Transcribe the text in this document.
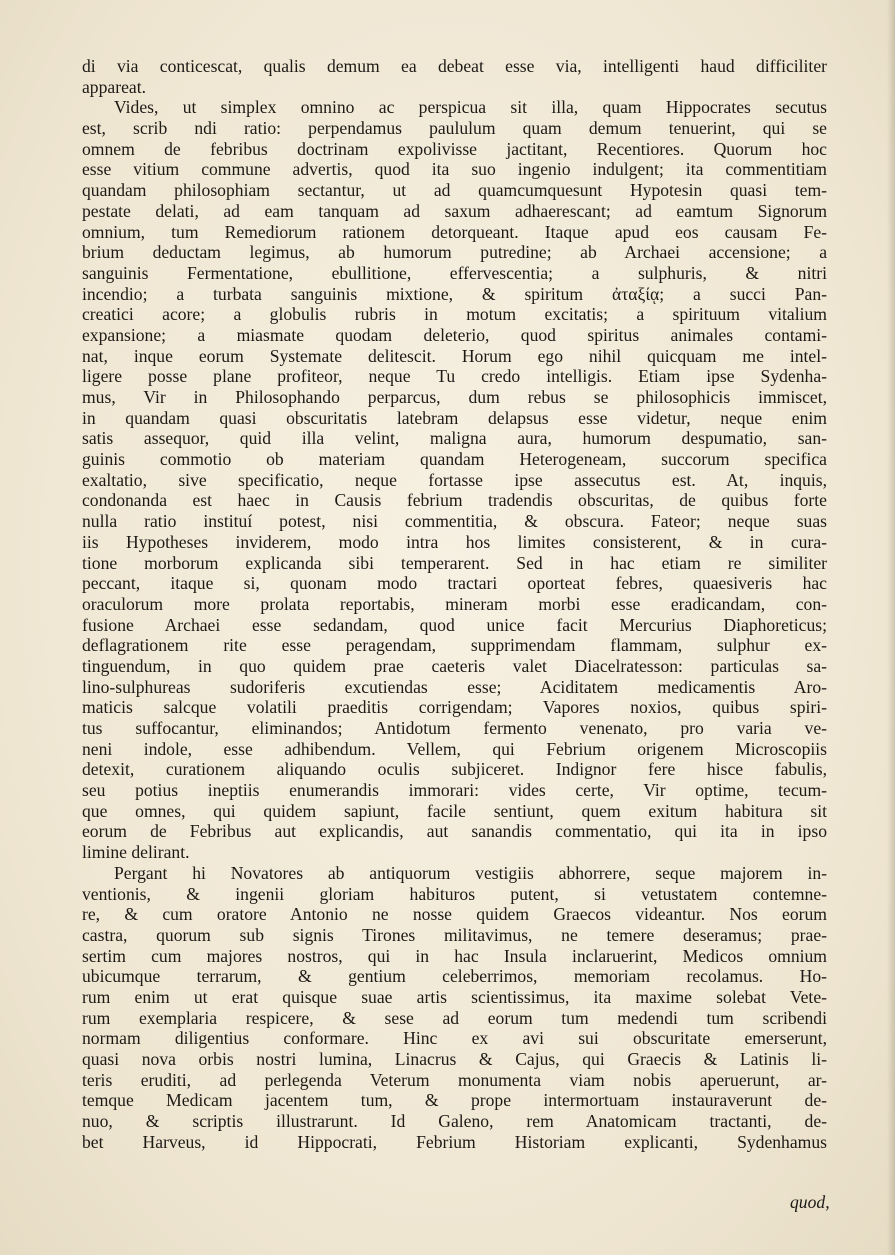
di via conticescat, qualis demum ea debeat esse via, intelligenti haud difficiliter
appareat.
Vides, ut simplex omnino ac perspicua sit illa, quam Hippocrates secutus
est, scrib ndi ratio: perpendamus paululum quam demum tenuerint, qui se
omnem de febribus doctrinam expolivisse jactitant, Recentiores. Quorum hoc
esse vitium commune advertis, quod ita suo ingenio indulgent; ita commentitiam
quandam philosophiam sectantur, ut ad quamcumquesunt Hypotesin quasi tem-
pestate delati, ad eam tanquam ad saxum adhaerescant; ad eamtum Signorum
omnium, tum Remediorum rationem detorqueant. Itaque apud eos causam Fe-
brium deductam legimus, ab humorum putredine; ab Archaei accensione; a
sanguinis Fermentatione, ebullitione, effervescentia; a sulphuris, & nitri
incendio; a turbata sanguinis mixtione, & spiritum ἀταξίᾳ; a succi Pan-
creatici acore; a globulis rubris in motum excitatis; a spirituum vitalium
expansione; a miasmate quodam deleterio, quod spiritus animales contami-
nat, inque eorum Systemate delitescit. Horum ego nihil quicquam me intel-
ligere posse plane profiteor, neque Tu credo intelligis. Etiam ipse Sydenha-
mus, Vir in Philosophando perparcus, dum rebus se philosophicis immiscet,
in quandam quasi obscuritatis latebram delapsus esse videtur, neque enim
satis assequor, quid illa velint, maligna aura, humorum despumatio, san-
guinis commotio ob materiam quandam Heterogeneam, succorum specifica
exaltatio, sive specificatio, neque fortasse ipse assecutus est. At, inquis,
condonanda est haec in Causis febrium tradendis obscuritas, de quibus forte
nulla ratio instituí potest, nisi commentitia, & obscura. Fateor; neque suas
iis Hypotheses inviderem, modo intra hos limites consisterent, & in cura-
tione morborum explicanda sibi temperarent. Sed in hac etiam re similiter
peccant, itaque si, quonam modo tractari oporteat febres, quaesiveris hac
oraculorum more prolata reportabis, mineram morbi esse eradicandam, con-
fusione Archaei esse sedandam, quod unice facit Mercurius Diaphoreticus;
deflagrationem rite esse peragendam, supprimendam flammam, sulphur ex-
tinguendum, in quo quidem prae caeteris valet Diacelratesson: particulas sa-
lino-sulphureas sudoriferis excutiendas esse; Aciditatem medicamentis Aro-
maticis salcque volatili praeditis corrigendam; Vapores noxios, quibus spiri-
tus suffocantur, eliminandos; Antidotum fermento venenato, pro varia ve-
neni indole, esse adhibendum. Vellem, qui Febrium origenem Microscopiis
detexit, curationem aliquando oculis subjiceret. Indignor fere hisce fabulis,
seu potius ineptiis enumerandis immorari: vides certe, Vir optime, tecum-
que omnes, qui quidem sapiunt, facile sentiunt, quem exitum habitura sit
eorum de Febribus aut explicandis, aut sanandis commentatio, qui ita in ipso
limine delirant.
Pergant hi Novatores ab antiquorum vestigiis abhorrere, seque majorem in-
ventionis, & ingenii gloriam habituros putent, si vetustatem contemne-
re, & cum oratore Antonio ne nosse quidem Graecos videantur. Nos eorum
castra, quorum sub signis Tirones militavimus, ne temere deseramus; prae-
sertim cum majores nostros, qui in hac Insula inclaruerint, Medicos omnium
ubicumque terrarum, & gentium celeberrimos, memoriam recolamus. Ho-
rum enim ut erat quisque suae artis scientissimus, ita maxime solebat Vete-
rum exemplaria respicere, & sese ad eorum tum medendi tum scribendi
normam diligentius conformare. Hinc ex avi sui obscuritate emerserunt,
quasi nova orbis nostri lumina, Linacrus & Cajus, qui Graecis & Latinis li-
teris eruditi, ad perlegenda Veterum monumenta viam nobis aperuerunt, ar-
temque Medicam jacentem tum, & prope intermortuam instauraverunt de-
nuo, & scriptis illustrarunt. Id Galeno, rem Anatomicam tractanti, de-
bet Harveus, id Hippocrati, Febrium Historiam explicanti, Sydenhamus
quod,
